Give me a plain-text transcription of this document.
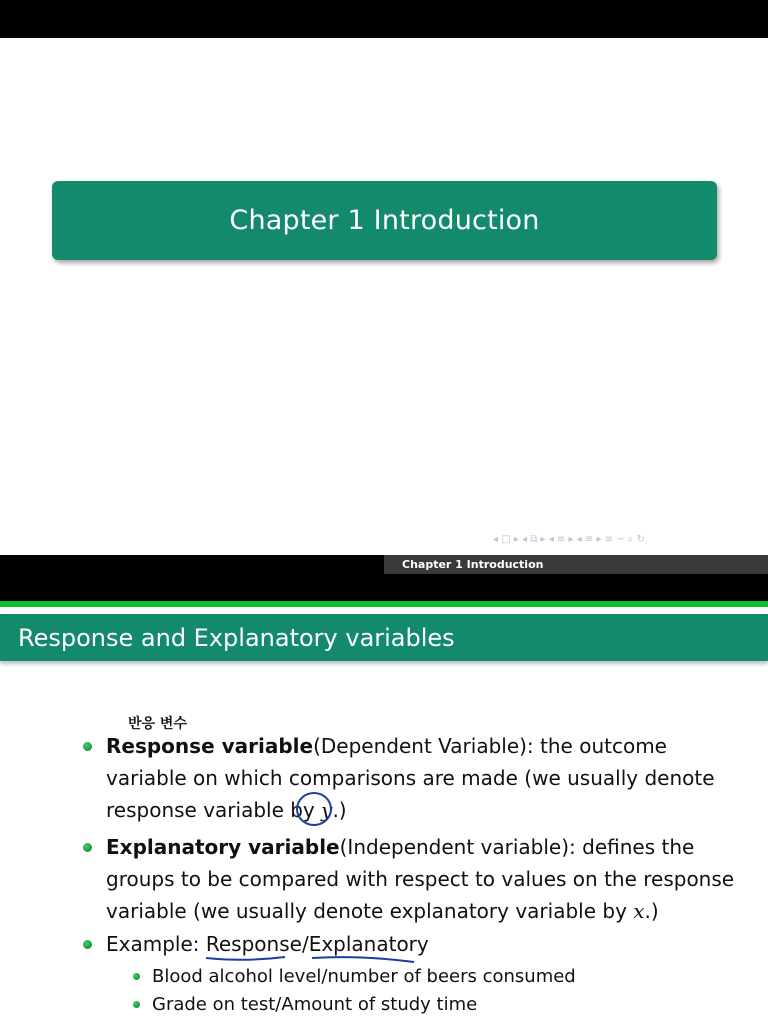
Chapter 1 Introduction
◂ □ ▸ ◂ ⧉ ▸ ◂ ≡ ▸ ◂ ≡ ▸ ≡ ∽ ⌕ ↻
Chapter 1 Introduction
Response and Explanatory variables
반응 변수
Response variable(Dependent Variable): the outcome
variable on which comparisons are made (we usually denote
response variable by y.)
Explanatory variable(Independent variable): defines the
groups to be compared with respect to values on the response
variable (we usually denote explanatory variable by x.)
Example: Response/Explanatory
Blood alcohol level/number of beers consumed
Grade on test/Amount of study time
